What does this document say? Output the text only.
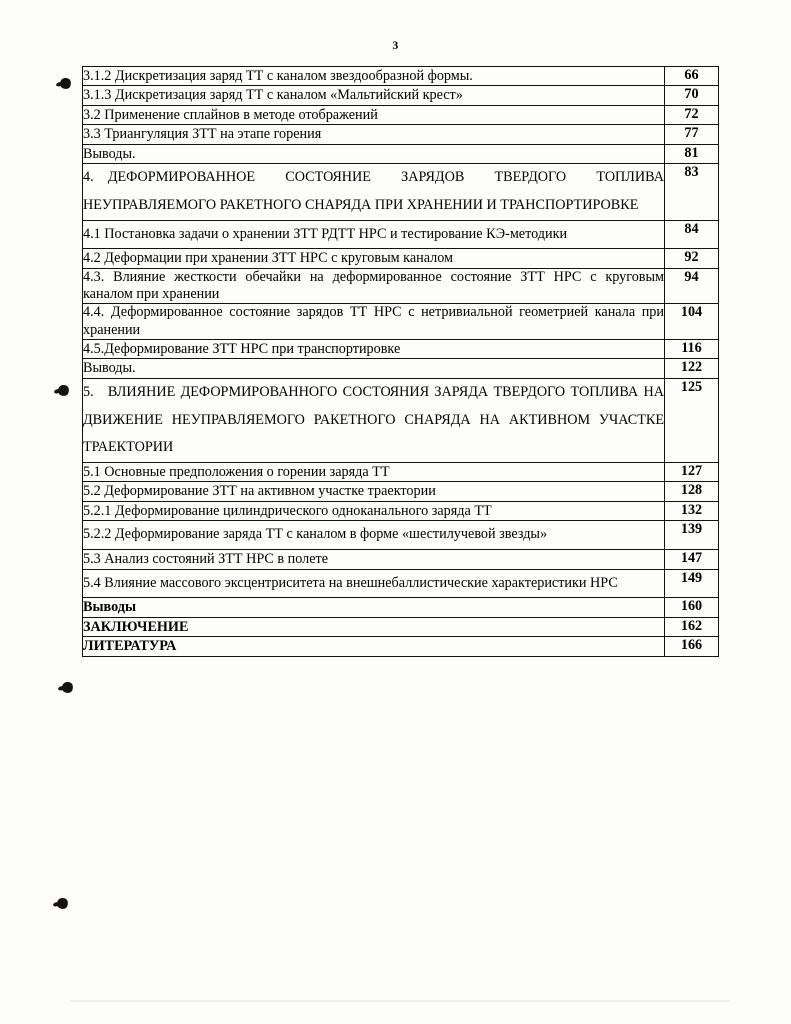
3
3.1.2 Дискретизация заряд ТТ с каналом звездообразной формы.	66
3.1.3 Дискретизация заряд ТТ с каналом «Мальтийский крест»	70
3.2 Применение сплайнов в методе отображений	72
3.3 Триангуляция ЗТТ на этапе горения	77
Выводы.	81
4. ДЕФОРМИРОВАННОЕ СОСТОЯНИЕ ЗАРЯДОВ ТВЕРДОГО ТОПЛИВА НЕУПРАВЛЯЕМОГО РАКЕТНОГО СНАРЯДА ПРИ ХРАНЕНИИ И ТРАНСПОРТИРОВКЕ	83
4.1 Постановка задачи о хранении ЗТТ РДТТ НРС и тестирование КЭ-методики	84
4.2 Деформации при хранении ЗТТ НРС с круговым каналом	92
4.3. Влияние жесткости обечайки на деформированное состояние ЗТТ НРС с круговым каналом при хранении	94
4.4. Деформированное состояние зарядов ТТ НРС с нетривиальной геометрией канала при хранении	104
4.5.Деформирование ЗТТ НРС при транспортировке	116
Выводы.	122
5. ВЛИЯНИЕ ДЕФОРМИРОВАННОГО СОСТОЯНИЯ ЗАРЯДА ТВЕРДОГО ТОПЛИВА НА ДВИЖЕНИЕ НЕУПРАВЛЯЕМОГО РАКЕТНОГО СНАРЯДА НА АКТИВНОМ УЧАСТКЕ ТРАЕКТОРИИ	125
5.1 Основные предположения о горении заряда ТТ	127
5.2 Деформирование ЗТТ на активном участке траектории	128
5.2.1 Деформирование цилиндрического одноканального заряда ТТ	132
5.2.2 Деформирование заряда ТТ с каналом в форме «шестилучевой звезды»	139
5.3 Анализ состояний ЗТТ НРС в полете	147
5.4 Влияние массового эксцентриситета на внешнебаллистические характеристики НРС	149
Выводы	160
ЗАКЛЮЧЕНИЕ	162
ЛИТЕРАТУРА	166
